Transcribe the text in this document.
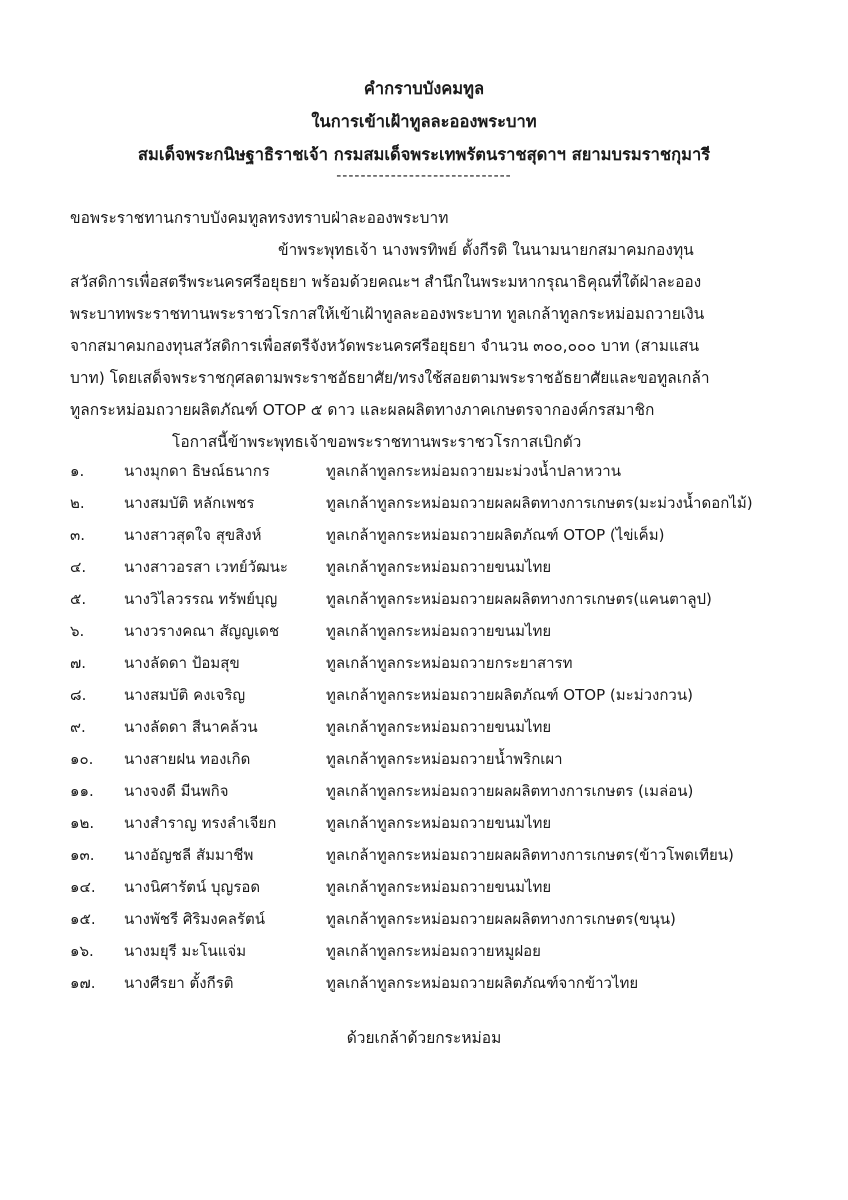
คำกราบบังคมทูล
ในการเข้าเฝ้าทูลละอองพระบาท
สมเด็จพระกนิษฐาธิราชเจ้า กรมสมเด็จพระเทพรัตนราชสุดาฯ สยามบรมราชกุมารี
-----------------------------
ขอพระราชทานกราบบังคมทูลทรงทราบฝ่าละอองพระบาท
ข้าพระพุทธเจ้า นางพรทิพย์ ตั้งกีรติ ในนามนายกสมาคมกองทุน
สวัสดิการเพื่อสตรีพระนครศรีอยุธยา พร้อมด้วยคณะฯ สำนึกในพระมหากรุณาธิคุณที่ใต้ฝ่าละออง
พระบาทพระราชทานพระราชวโรกาสให้เข้าเฝ้าทูลละอองพระบาท ทูลเกล้าทูลกระหม่อมถวายเงิน
จากสมาคมกองทุนสวัสดิการเพื่อสตรีจังหวัดพระนครศรีอยุธยา จำนวน ๓๐๐,๐๐๐ บาท (สามแสน
บาท) โดยเสด็จพระราชกุศลตามพระราชอัธยาศัย/ทรงใช้สอยตามพระราชอัธยาศัยและขอทูลเกล้า
ทูลกระหม่อมถวายผลิตภัณฑ์ OTOP ๕ ดาว และผลผลิตทางภาคเกษตรจากองค์กรสมาชิก
โอกาสนี้ข้าพระพุทธเจ้าขอพระราชทานพระราชวโรกาสเบิกตัว
๑.	นางมุกดา ธิษณ์ธนากร	ทูลเกล้าทูลกระหม่อมถวายมะม่วงน้ำปลาหวาน
๒.	นางสมบัติ หลักเพชร	ทูลเกล้าทูลกระหม่อมถวายผลผลิตทางการเกษตร(มะม่วงน้ำดอกไม้)
๓.	นางสาวสุดใจ สุขสิงห์	ทูลเกล้าทูลกระหม่อมถวายผลิตภัณฑ์ OTOP (ไข่เค็ม)
๔.	นางสาวอรสา เวทย์วัฒนะ	ทูลเกล้าทูลกระหม่อมถวายขนมไทย
๕.	นางวิไลวรรณ ทรัพย์บุญ	ทูลเกล้าทูลกระหม่อมถวายผลผลิตทางการเกษตร(แคนตาลูป)
๖.	นางวรางคณา สัญญเดช	ทูลเกล้าทูลกระหม่อมถวายขนมไทย
๗.	นางลัดดา ป้อมสุข	ทูลเกล้าทูลกระหม่อมถวายกระยาสารท
๘.	นางสมบัติ คงเจริญ	ทูลเกล้าทูลกระหม่อมถวายผลิตภัณฑ์ OTOP (มะม่วงกวน)
๙.	นางลัดดา สีนาคล้วน	ทูลเกล้าทูลกระหม่อมถวายขนมไทย
๑๐.	นางสายฝน ทองเกิด	ทูลเกล้าทูลกระหม่อมถวายน้ำพริกเผา
๑๑.	นางจงดี มีนพกิจ	ทูลเกล้าทูลกระหม่อมถวายผลผลิตทางการเกษตร (เมล่อน)
๑๒.	นางสำราญ ทรงลำเจียก	ทูลเกล้าทูลกระหม่อมถวายขนมไทย
๑๓.	นางอัญชลี สัมมาชีพ	ทูลเกล้าทูลกระหม่อมถวายผลผลิตทางการเกษตร(ข้าวโพดเทียน)
๑๔.	นางนิศารัตน์ บุญรอด	ทูลเกล้าทูลกระหม่อมถวายขนมไทย
๑๕.	นางพัชรี ศิริมงคลรัตน์	ทูลเกล้าทูลกระหม่อมถวายผลผลิตทางการเกษตร(ขนุน)
๑๖.	นางมยุรี มะโนแจ่ม	ทูลเกล้าทูลกระหม่อมถวายหมูฝอย
๑๗.	นางศีรยา ตั้งกีรติ	ทูลเกล้าทูลกระหม่อมถวายผลิตภัณฑ์จากข้าวไทย
ด้วยเกล้าด้วยกระหม่อม
